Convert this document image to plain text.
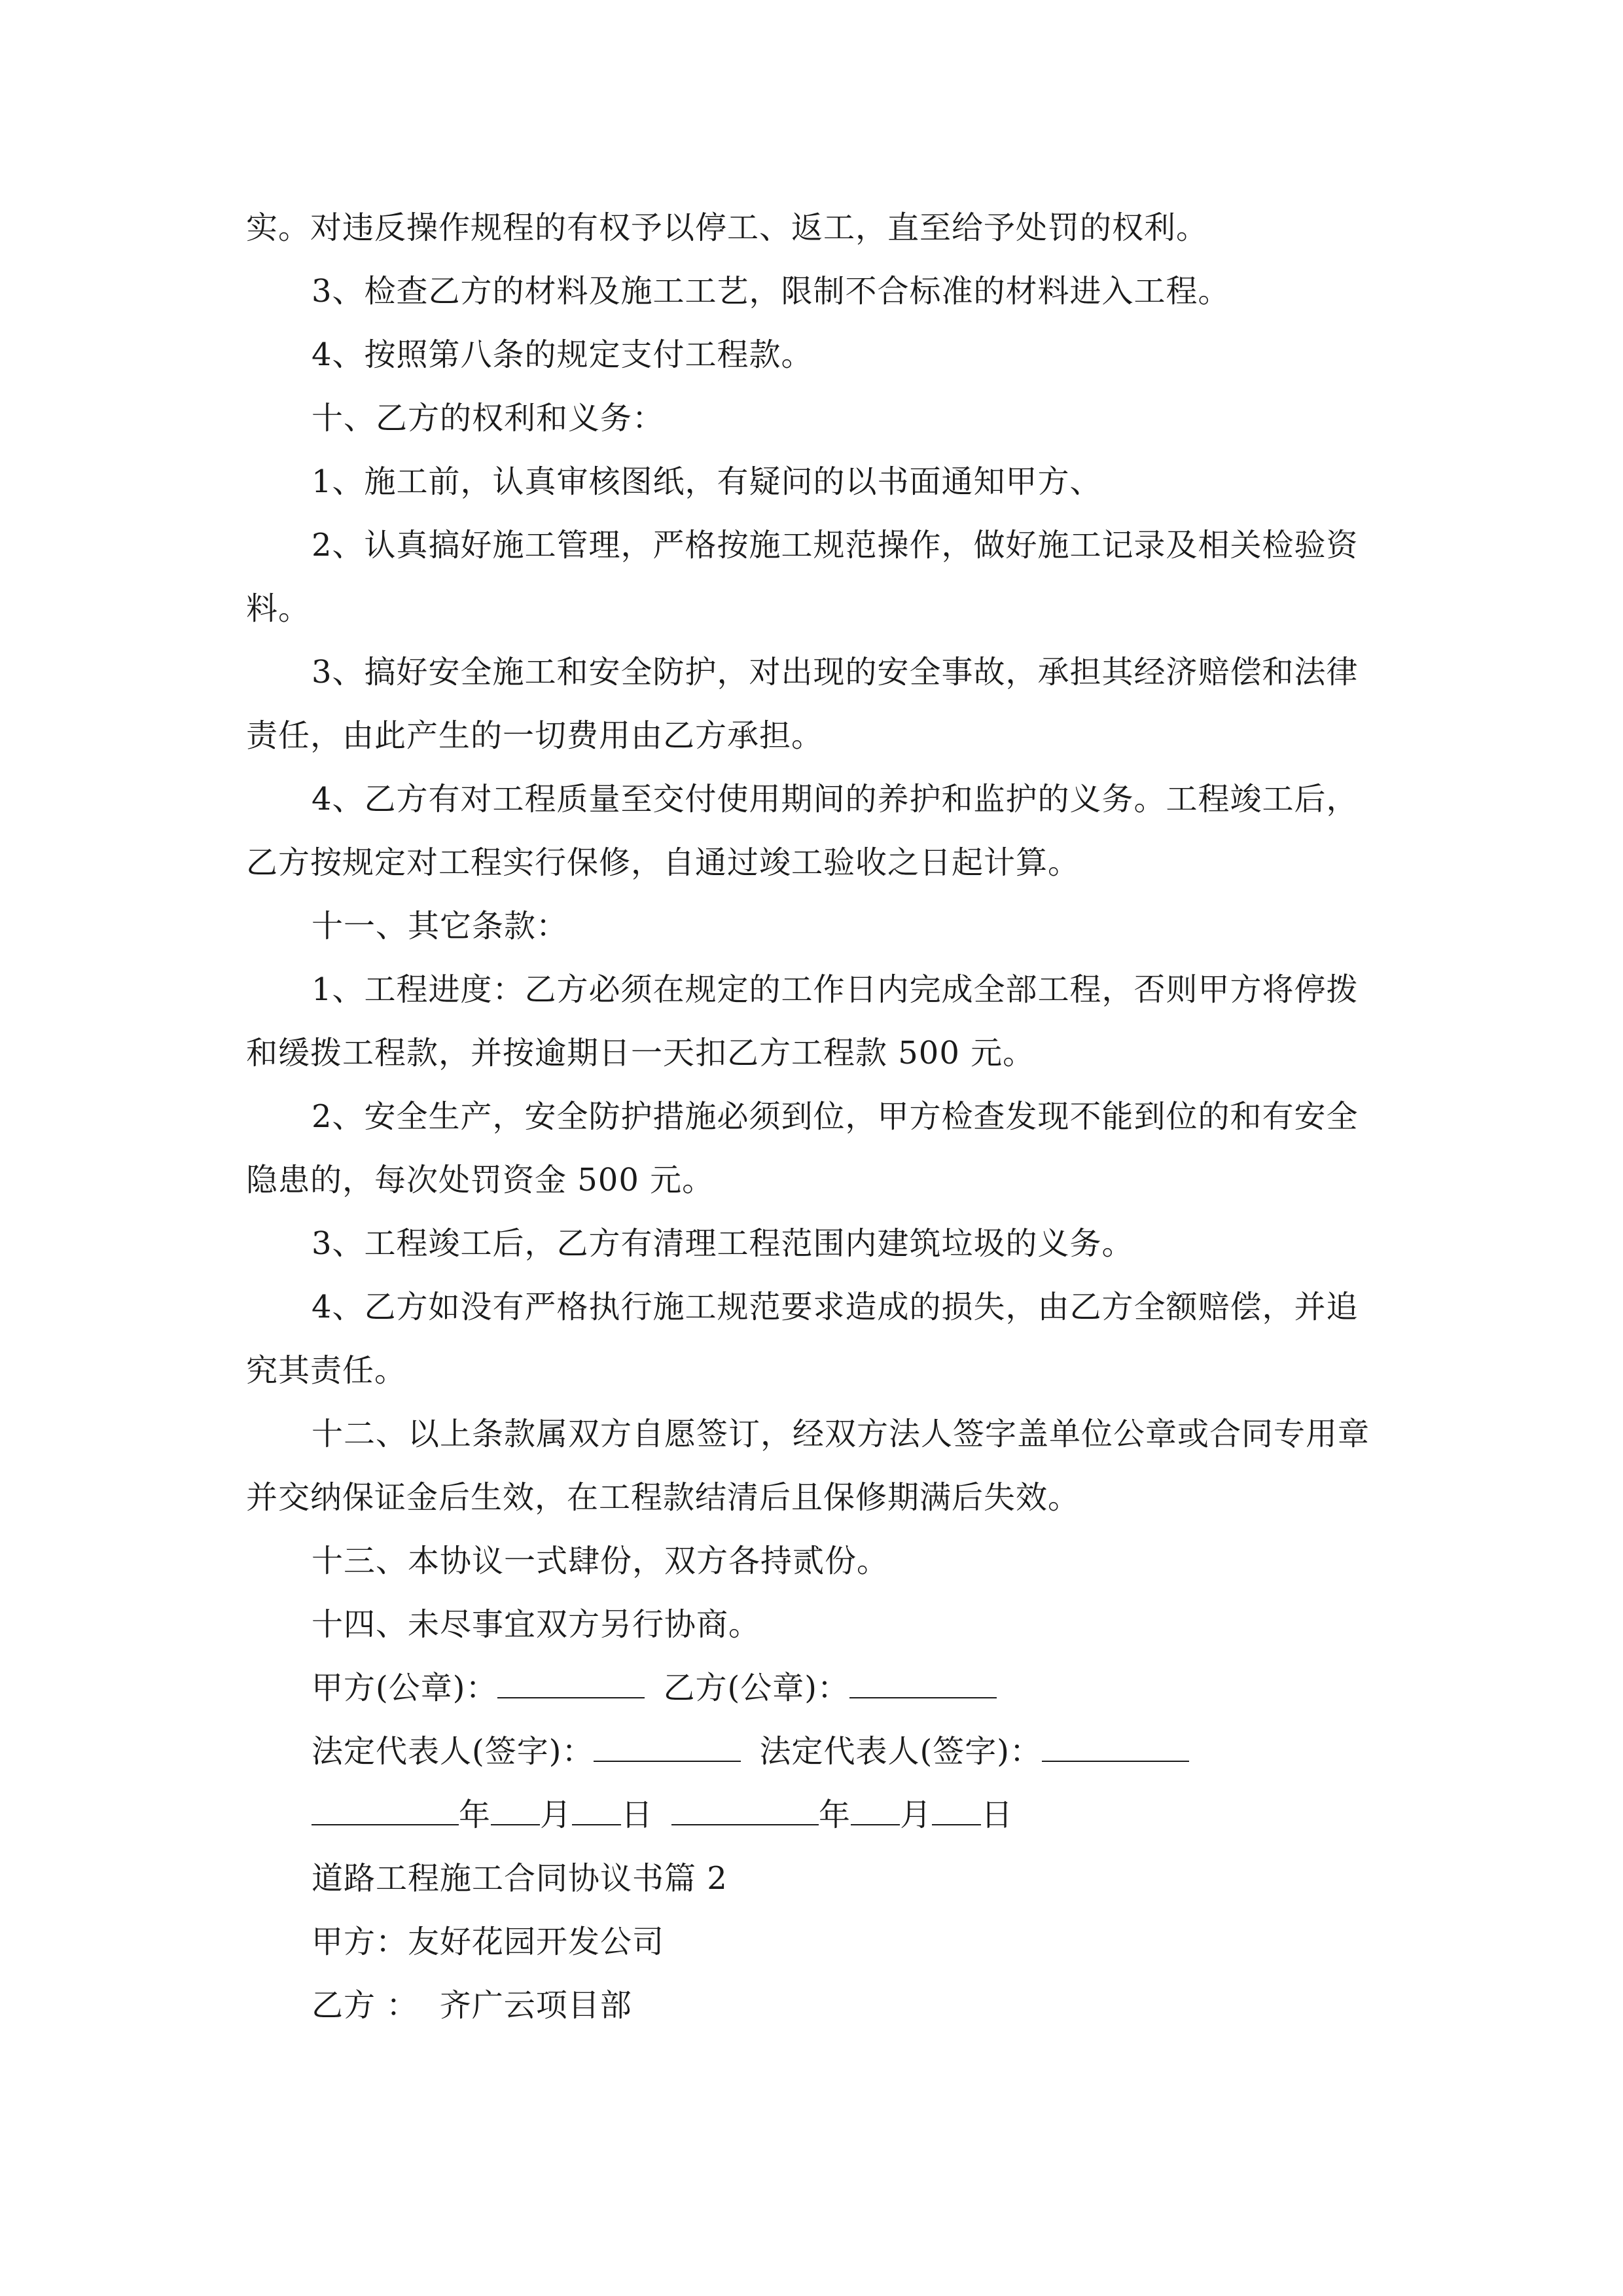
实。对违反操作规程的有权予以停工、返工，直至给予处罚的权利。
3、检查乙方的材料及施工工艺，限制不合标准的材料进入工程。
4、按照第八条的规定支付工程款。
十、乙方的权利和义务：
1、施工前，认真审核图纸，有疑问的以书面通知甲方、
2、认真搞好施工管理，严格按施工规范操作，做好施工记录及相关检验资
料。
3、搞好安全施工和安全防护，对出现的安全事故，承担其经济赔偿和法律
责任，由此产生的一切费用由乙方承担。
4、乙方有对工程质量至交付使用期间的养护和监护的义务。工程竣工后，
乙方按规定对工程实行保修，自通过竣工验收之日起计算。
十一、其它条款：
1、工程进度：乙方必须在规定的工作日内完成全部工程，否则甲方将停拨
和缓拨工程款，并按逾期日一天扣乙方工程款 500 元。
2、安全生产，安全防护措施必须到位，甲方检查发现不能到位的和有安全
隐患的，每次处罚资金 500 元。
3、工程竣工后，乙方有清理工程范围内建筑垃圾的义务。
4、乙方如没有严格执行施工规范要求造成的损失，由乙方全额赔偿，并追
究其责任。
十二、以上条款属双方自愿签订，经双方法人签字盖单位公章或合同专用章
并交纳保证金后生效，在工程款结清后且保修期满后失效。
十三、本协议一式肆份，双方各持贰份。
十四、未尽事宜双方另行协商。
甲方(公章)：	乙方(公章)：
法定代表人(签字)：	法定代表人(签字)：
年 月 日	年 月 日
道路工程施工合同协议书篇 2
甲方：友好花园开发公司
乙方 ：  齐广云项目部
